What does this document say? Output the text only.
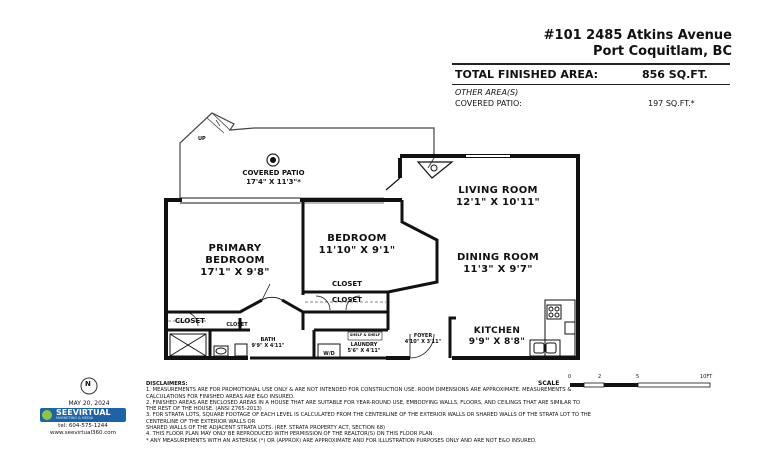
#101 2485 Atkins Avenue
Port Coquitlam, BC
TOTAL FINISHED AREA:	856 SQ.FT.
OTHER AREA(S)
COVERED PATIO:	197 SQ.FT.*
COVERED PATIO
17'4" X 11'3"*
UP
LIVING ROOM
12'1" X 10'11"
DINING ROOM
11'3" X 9'7"
PRIMARY
BEDROOM
17'1" X 9'8"
BEDROOM
11'10" X 9'1"
CLOSET
CLOSET
CLOSET	CLOSET
BATH
9'9" X 4'11"	LAUNDRY
5'6" X 4'11"
W/D
SHELF & SHELF	FOYER
4'10" X 3'11"
KITCHEN
9'9" X 8'8"
SCALE
0	2	5	10FT
N
MAY 20, 2024
SEEVIRTUAL
MARKETING & MEDIA
tel: 604-575-1244
www.seevirtual360.com
DISCLAIMERS:
1. MEASUREMENTS ARE FOR PROMOTIONAL USE ONLY & ARE NOT INTENDED FOR CONSTRUCTION USE. ROOM DIMENSIONS ARE APPROXIMATE. MEASUREMENTS &
CALCULATIONS FOR FINISHED AREAS ARE E&O INSURED.
2. FINISHED AREAS ARE ENCLOSED AREAS IN A HOUSE THAT ARE SUITABLE FOR YEAR-ROUND USE, EMBODYING WALLS, FLOORS, AND CEILINGS THAT ARE SIMILAR TO
THE REST OF THE HOUSE. (ANSI Z765-2013)
3. FOR STRATA LOTS, SQUARE FOOTAGE OF EACH LEVEL IS CALCULATED FROM THE CENTERLINE OF THE EXTERIOR WALLS OR SHARED WALLS OF THE STRATA LOT TO THE
CENTERLINE OF THE EXTERIOR WALLS OR
SHARED WALLS OF THE ADJACENT STRATA LOTS. (REF. STRATA PROPERTY ACT, SECTION 68)
4. THIS FLOOR PLAN MAY ONLY BE REPRODUCED WITH PERMISSION OF THE REALTOR(S) ON THIS FLOOR PLAN.
* ANY MEASUREMENTS WITH AN ASTERISK (*) OR (APPROX) ARE APPROXIMATE AND FOR ILLUSTRATION PURPOSES ONLY AND ARE NOT E&O INSURED.
